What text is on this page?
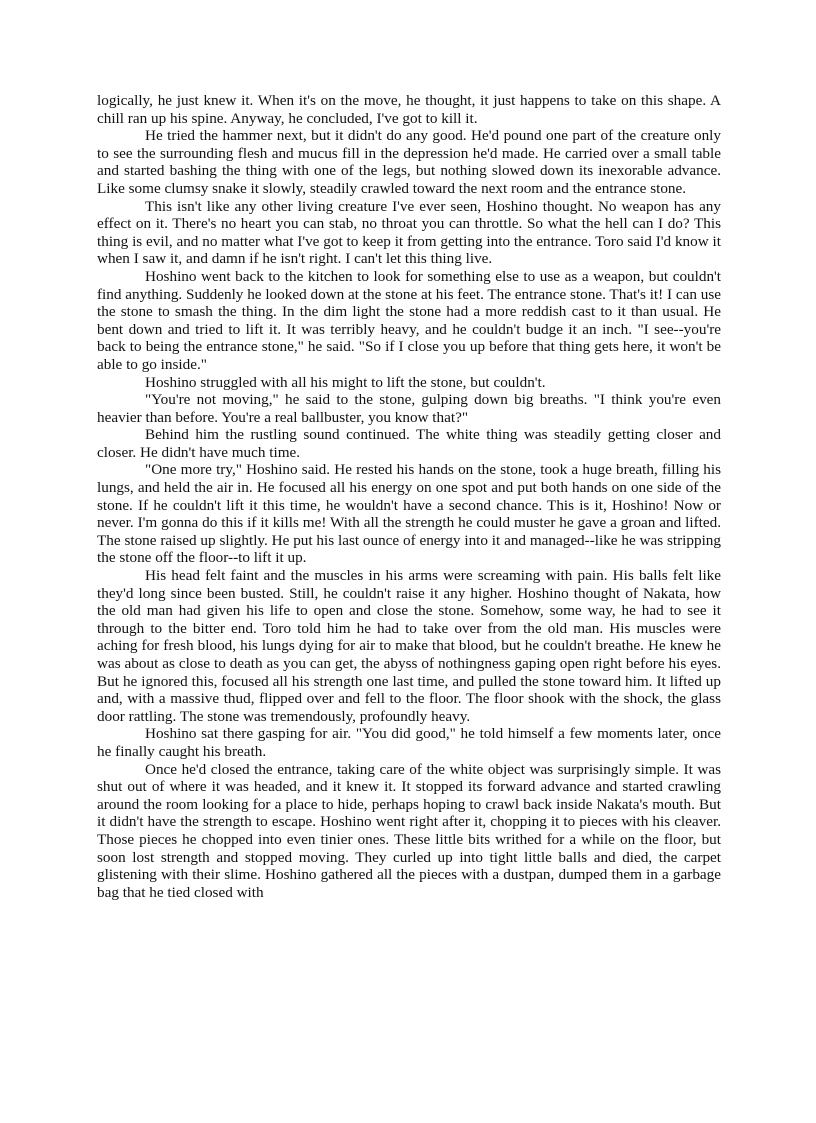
logically, he just knew it. When it's on the move, he thought, it just happens to take on this shape. A chill ran up his spine. Anyway, he concluded, I've got to kill it.

He tried the hammer next, but it didn't do any good. He'd pound one part of the creature only to see the surrounding flesh and mucus fill in the depression he'd made. He carried over a small table and started bashing the thing with one of the legs, but nothing slowed down its inexorable advance. Like some clumsy snake it slowly, steadily crawled toward the next room and the entrance stone.

This isn't like any other living creature I've ever seen, Hoshino thought. No weapon has any effect on it. There's no heart you can stab, no throat you can throttle. So what the hell can I do? This thing is evil, and no matter what I've got to keep it from getting into the entrance. Toro said I'd know it when I saw it, and damn if he isn't right. I can't let this thing live.

Hoshino went back to the kitchen to look for something else to use as a weapon, but couldn't find anything. Suddenly he looked down at the stone at his feet. The entrance stone. That's it! I can use the stone to smash the thing. In the dim light the stone had a more reddish cast to it than usual. He bent down and tried to lift it. It was terribly heavy, and he couldn't budge it an inch. "I see--you're back to being the entrance stone," he said. "So if I close you up before that thing gets here, it won't be able to go inside."

Hoshino struggled with all his might to lift the stone, but couldn't.

"You're not moving," he said to the stone, gulping down big breaths. "I think you're even heavier than before. You're a real ballbuster, you know that?"

Behind him the rustling sound continued. The white thing was steadily getting closer and closer. He didn't have much time.

"One more try," Hoshino said. He rested his hands on the stone, took a huge breath, filling his lungs, and held the air in. He focused all his energy on one spot and put both hands on one side of the stone. If he couldn't lift it this time, he wouldn't have a second chance. This is it, Hoshino! Now or never. I'm gonna do this if it kills me! With all the strength he could muster he gave a groan and lifted. The stone raised up slightly. He put his last ounce of energy into it and managed--like he was stripping the stone off the floor--to lift it up.

His head felt faint and the muscles in his arms were screaming with pain. His balls felt like they'd long since been busted. Still, he couldn't raise it any higher. Hoshino thought of Nakata, how the old man had given his life to open and close the stone. Somehow, some way, he had to see it through to the bitter end. Toro told him he had to take over from the old man. His muscles were aching for fresh blood, his lungs dying for air to make that blood, but he couldn't breathe. He knew he was about as close to death as you can get, the abyss of nothingness gaping open right before his eyes. But he ignored this, focused all his strength one last time, and pulled the stone toward him. It lifted up and, with a massive thud, flipped over and fell to the floor. The floor shook with the shock, the glass door rattling. The stone was tremendously, profoundly heavy.

Hoshino sat there gasping for air. "You did good," he told himself a few moments later, once he finally caught his breath.

Once he'd closed the entrance, taking care of the white object was surprisingly simple. It was shut out of where it was headed, and it knew it. It stopped its forward advance and started crawling around the room looking for a place to hide, perhaps hoping to crawl back inside Nakata's mouth. But it didn't have the strength to escape. Hoshino went right after it, chopping it to pieces with his cleaver. Those pieces he chopped into even tinier ones. These little bits writhed for a while on the floor, but soon lost strength and stopped moving. They curled up into tight little balls and died, the carpet glistening with their slime. Hoshino gathered all the pieces with a dustpan, dumped them in a garbage bag that he tied closed with
